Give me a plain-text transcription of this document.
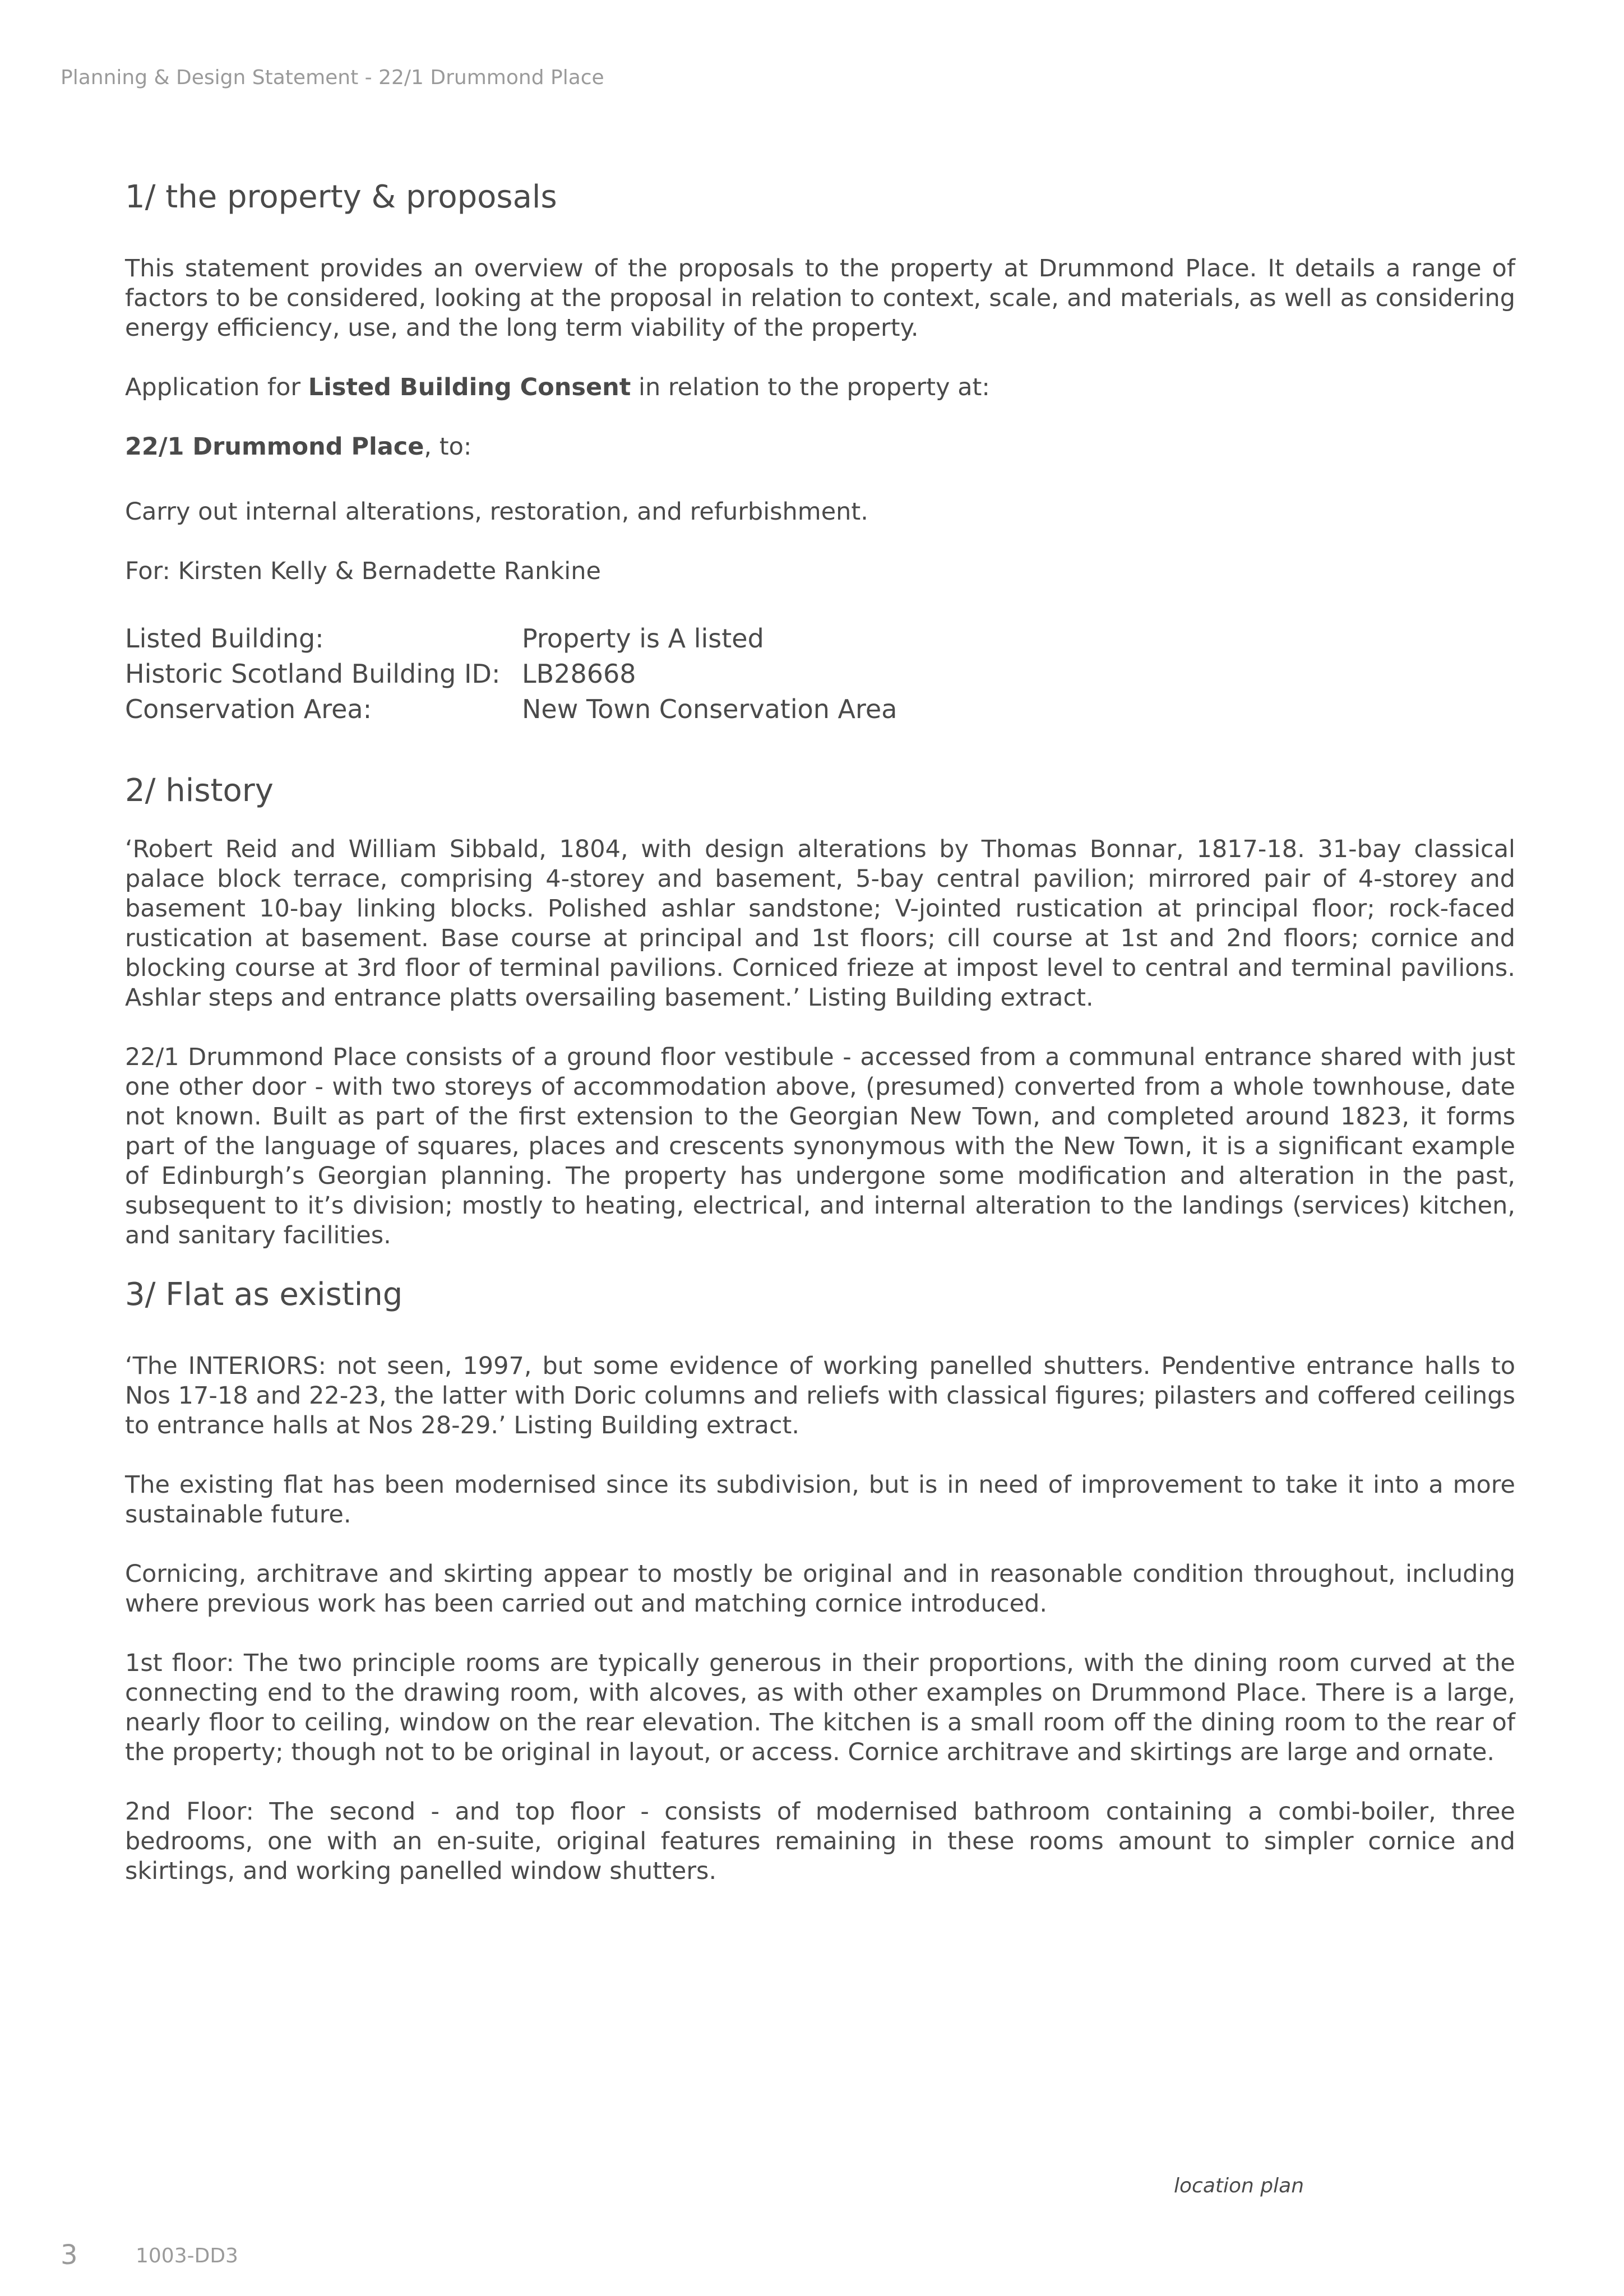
Planning & Design Statement - 22/1 Drummond Place
1/ the property & proposals

This statement provides an overview of the proposals to the property at Drummond Place. It details a range of factors to be considered, looking at the proposal in relation to context, scale, and materials, as well as considering energy efficiency, use, and the long term viability of the property.

Application for Listed Building Consent in relation to the property at:

22/1 Drummond Place, to:

Carry out internal alterations, restoration, and refurbishment.

For: Kirsten Kelly & Bernadette Rankine

Listed Building:	Property is A listed
Historic Scotland Building ID:	LB28668
Conservation Area:	New Town Conservation Area
2/ history

‘Robert Reid and William Sibbald, 1804, with design alterations by Thomas Bonnar, 1817-18. 31-bay classical palace block terrace, comprising 4-storey and basement, 5-bay central pavilion; mirrored pair of 4-storey and basement 10-bay linking blocks. Polished ashlar sandstone; V-jointed rustication at principal floor; rock-faced rustication at basement. Base course at principal and 1st floors; cill course at 1st and 2nd floors; cornice and blocking course at 3rd floor of terminal pavilions. Corniced frieze at impost level to central and terminal pavilions. Ashlar steps and entrance platts oversailing basement.’ Listing Building extract.

22/1 Drummond Place consists of a ground floor vestibule - accessed from a communal entrance shared with just one other door - with two storeys of accommodation above, (presumed) converted from a whole townhouse, date not known. Built as part of the first extension to the Georgian New Town, and completed around 1823, it forms part of the language of squares, places and crescents synonymous with the New Town, it is a significant example of Edinburgh’s Georgian planning. The property has undergone some modification and alteration in the past, subsequent to it’s division; mostly to heating, electrical, and internal alteration to the landings (services) kitchen, and sanitary facilities.

3/ Flat as existing

‘The INTERIORS: not seen, 1997, but some evidence of working panelled shutters. Pendentive entrance halls to Nos 17-18 and 22-23, the latter with Doric columns and reliefs with classical figures; pilasters and coffered ceilings to entrance halls at Nos 28-29.’ Listing Building extract.

The existing flat has been modernised since its subdivision, but is in need of improvement to take it into a more sustainable future.

Cornicing, architrave and skirting appear to mostly be original and in reasonable condition throughout, including where previous work has been carried out and matching cornice introduced.

1st floor: The two principle rooms are typically generous in their proportions, with the dining room curved at the connecting end to the drawing room, with alcoves, as with other examples on Drummond Place. There is a large, nearly floor to ceiling, window on the rear elevation. The kitchen is a small room off the dining room to the rear of the property; though not to be original in layout, or access. Cornice architrave and skirtings are large and ornate.

2nd Floor: The second - and top floor - consists of modernised bathroom containing a combi-boiler, three bedrooms, one with an en-suite, original features remaining in these rooms amount to simpler cornice and skirtings, and working panelled window shutters.

location plan
3	1003-DD3
